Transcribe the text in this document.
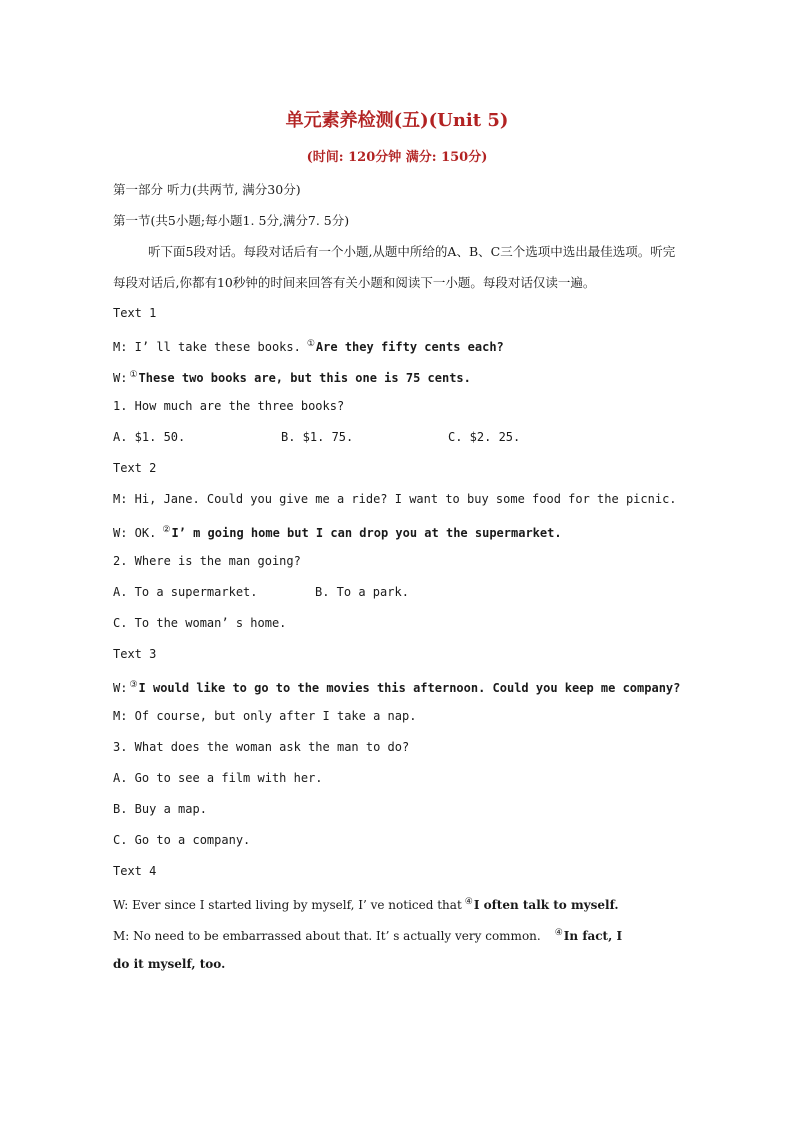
单元素养检测(五)(Unit 5)
(时间: 120分钟 满分: 150分)
第一部分 听力(共两节, 满分30分)
第一节(共5小题;每小题1. 5分,满分7. 5分)
听下面5段对话。每段对话后有一个小题,从题中所给的A、B、C三个选项中选出最佳选项。听完每段对话后,你都有10秒钟的时间来回答有关小题和阅读下一小题。每段对话仅读一遍。
Text 1
M: I’ ll take these books. ①Are they fifty cents each?
W: ①These two books are, but this one is 75 cents.
1. How much are the three books?
A. $1. 50.	B. $1. 75.	C. $2. 25.
Text 2
M: Hi, Jane. Could you give me a ride? I want to buy some food for the picnic.
W: OK. ②I’ m going home but I can drop you at the supermarket.
2. Where is the man going?
A. To a supermarket.	B. To a park.
C. To the woman’ s home.
Text 3
W: ③I would like to go to the movies this afternoon. Could you keep me company?
M: Of course, but only after I take a nap.
3. What does the woman ask the man to do?
A. Go to see a film with her.
B. Buy a map.
C. Go to a company.
Text 4
W: Ever since I started living by myself, I’ ve noticed that ④I often talk to myself.
M: No need to be embarrassed about that. It’ s actually very common. ④In fact, I
do it myself, too.
